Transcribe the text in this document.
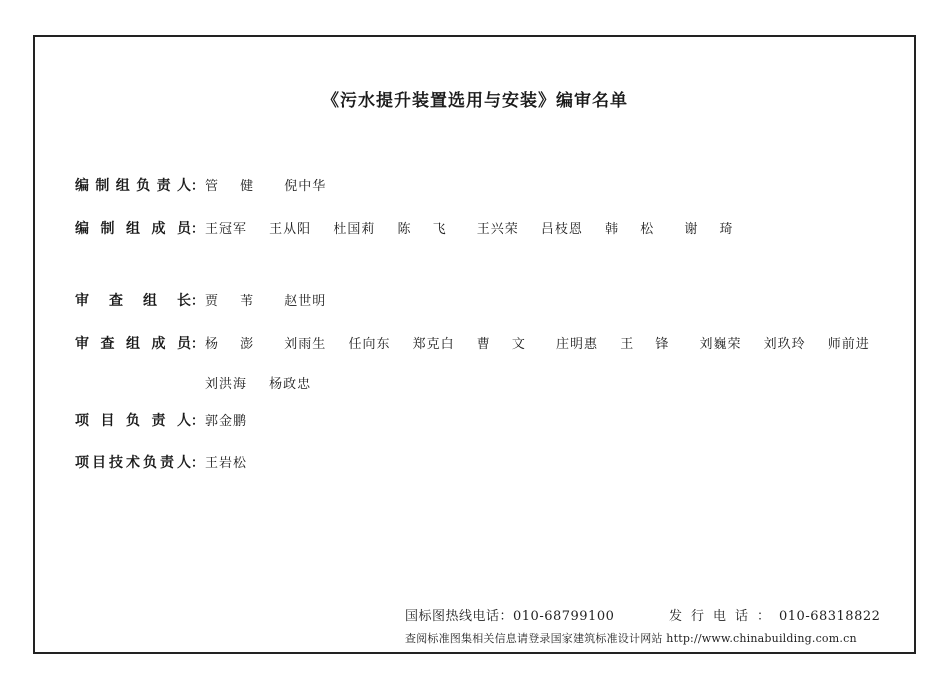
《污水提升装置选用与安装》编审名单
编制组负责人：管 健 倪中华
编制组成员：王冠军 王从阳 杜国莉 陈 飞 王兴荣 吕枝恩 韩 松 谢 琦
审查组长：贾 苇 赵世明
审查组成员：杨 澎 刘雨生 任向东 郑克白 曹 文 庄明惠 王 锋 刘巍荣 刘玖玲 师前进
刘洪海 杨政忠
项目负责人：郭金鹏
项目技术负责人：王岩松
国标图热线电话：010-68799100	发行电话：010-68318822
查阅标准图集相关信息请登录国家建筑标准设计网站 http://www.chinabuilding.com.cn
